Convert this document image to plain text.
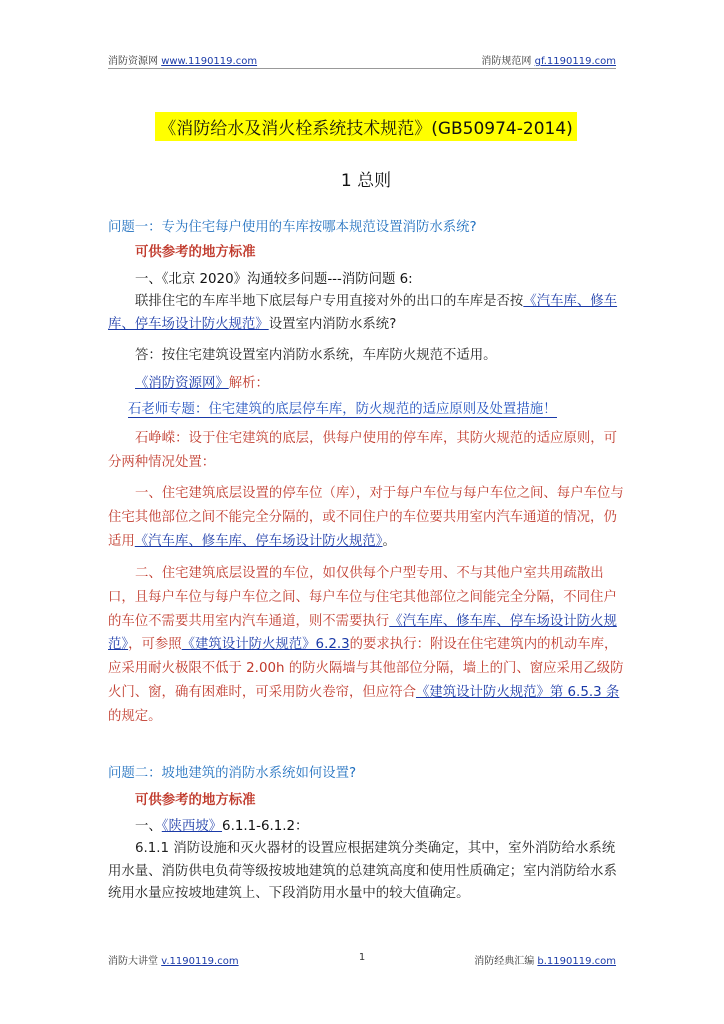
消防资源网 www.1190119.com	消防规范网 gf.1190119.com
《消防给水及消火栓系统技术规范》(GB50974-2014)
1 总则
问题一：专为住宅每户使用的车库按哪本规范设置消防水系统?
可供参考的地方标准
一、《北京 2020》沟通较多问题---消防问题 6:
联排住宅的车库半地下底层每户专用直接对外的出口的车库是否按《汽车库、修车库、停车场设计防火规范》设置室内消防水系统?
答：按住宅建筑设置室内消防水系统，车库防火规范不适用。
《消防资源网》解析：
石老师专题：住宅建筑的底层停车库，防火规范的适应原则及处置措施！
石峥嵘：设于住宅建筑的底层，供每户使用的停车库，其防火规范的适应原则，可分两种情况处置：
一、住宅建筑底层设置的停车位（库），对于每户车位与每户车位之间、每户车位与住宅其他部位之间不能完全分隔的，或不同住户的车位要共用室内汽车通道的情况，仍适用《汽车库、修车库、停车场设计防火规范》。
二、住宅建筑底层设置的车位，如仅供每个户型专用、不与其他户室共用疏散出口，且每户车位与每户车位之间、每户车位与住宅其他部位之间能完全分隔，不同住户的车位不需要共用室内汽车通道，则不需要执行《汽车库、修车库、停车场设计防火规范》，可参照《建筑设计防火规范》6.2.3的要求执行：附设在住宅建筑内的机动车库，应采用耐火极限不低于 2.00h 的防火隔墙与其他部位分隔，墙上的门、窗应采用乙级防火门、窗，确有困难时，可采用防火卷帘，但应符合《建筑设计防火规范》第 6.5.3 条的规定。
问题二：坡地建筑的消防水系统如何设置?
可供参考的地方标准
一、《陕西坡》6.1.1-6.1.2：
6.1.1 消防设施和灭火器材的设置应根据建筑分类确定，其中，室外消防给水系统用水量、消防供电负荷等级按坡地建筑的总建筑高度和使用性质确定；室内消防给水系统用水量应按坡地建筑上、下段消防用水量中的较大值确定。
消防大讲堂 v.1190119.com	1	消防经典汇编 b.1190119.com
